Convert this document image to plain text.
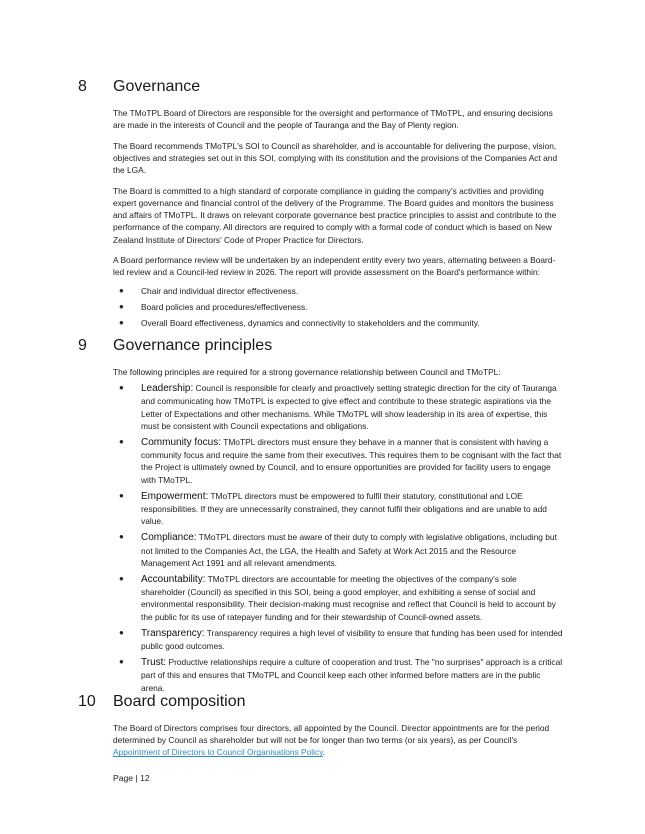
8 Governance

The TMoTPL Board of Directors are responsible for the oversight and performance of TMoTPL, and ensuring decisions are made in the interests of Council and the people of Tauranga and the Bay of Plenty region.

The Board recommends TMoTPL's SOI to Council as shareholder, and is accountable for delivering the purpose, vision, objectives and strategies set out in this SOI, complying with its constitution and the provisions of the Companies Act and the LGA.

The Board is committed to a high standard of corporate compliance in guiding the company's activities and providing expert governance and financial control of the delivery of the Programme. The Board guides and monitors the business and affairs of TMoTPL. It draws on relevant corporate governance best practice principles to assist and contribute to the performance of the company. All directors are required to comply with a formal code of conduct which is based on New Zealand Institute of Directors' Code of Proper Practice for Directors.

A Board performance review will be undertaken by an independent entity every two years, alternating between a Board-led review and a Council-led review in 2026. The report will provide assessment on the Board's performance within:

● Chair and individual director effectiveness.
● Board policies and procedures/effectiveness.
● Overall Board effectiveness, dynamics and connectivity to stakeholders and the community.
9 Governance principles

The following principles are required for a strong governance relationship between Council and TMoTPL:

● Leadership: Council is responsible for clearly and proactively setting strategic direction for the city of Tauranga and communicating how TMoTPL is expected to give effect and contribute to these strategic aspirations via the Letter of Expectations and other mechanisms. While TMoTPL will show leadership in its area of expertise, this must be consistent with Council expectations and obligations.
● Community focus: TMoTPL directors must ensure they behave in a manner that is consistent with having a community focus and require the same from their executives. This requires them to be cognisant with the fact that the Project is ultimately owned by Council, and to ensure opportunities are provided for facility users to engage with TMoTPL.
● Empowerment: TMoTPL directors must be empowered to fulfil their statutory, constitutional and LOE responsibilities. If they are unnecessarily constrained, they cannot fulfil their obligations and are unable to add value.
● Compliance: TMoTPL directors must be aware of their duty to comply with legislative obligations, including but not limited to the Companies Act, the LGA, the Health and Safety at Work Act 2015 and the Resource Management Act 1991 and all relevant amendments.
● Accountability: TMoTPL directors are accountable for meeting the objectives of the company's sole shareholder (Council) as specified in this SOI, being a good employer, and exhibiting a sense of social and environmental responsibility. Their decision-making must recognise and reflect that Council is held to account by the public for its use of ratepayer funding and for their stewardship of Council-owned assets.
● Transparency: Transparency requires a high level of visibility to ensure that funding has been used for intended public good outcomes.
● Trust: Productive relationships require a culture of cooperation and trust. The "no surprises" approach is a critical part of this and ensures that TMoTPL and Council keep each other informed before matters are in the public arena.
10 Board composition

The Board of Directors comprises four directors, all appointed by the Council. Director appointments are for the period determined by Council as shareholder but will not be for longer than two terms (or six years), as per Council's Appointment of Directors to Council Organisations Policy.

Page | 12
